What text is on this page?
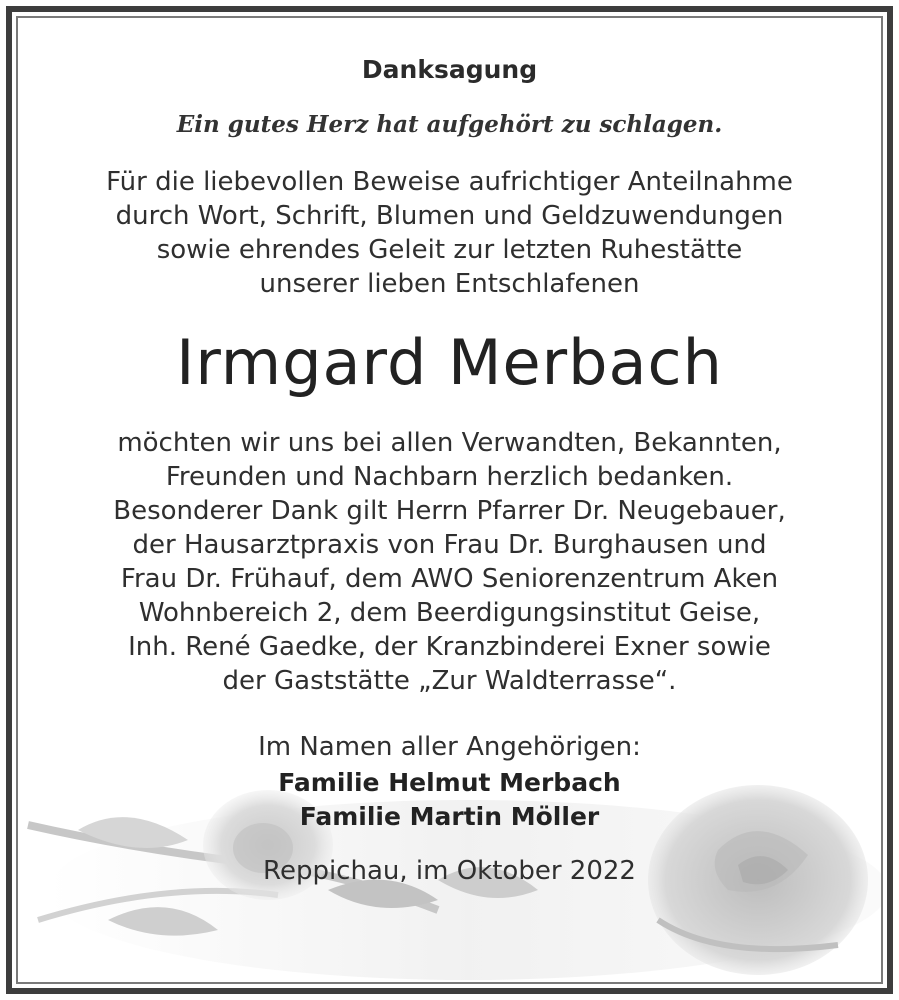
Danksagung
Ein gutes Herz hat aufgehört zu schlagen.
Für die liebevollen Beweise aufrichtiger Anteilnahme
durch Wort, Schrift, Blumen und Geldzuwendungen
sowie ehrendes Geleit zur letzten Ruhestätte
unserer lieben Entschlafenen
Irmgard Merbach
möchten wir uns bei allen Verwandten, Bekannten,
Freunden und Nachbarn herzlich bedanken.
Besonderer Dank gilt Herrn Pfarrer Dr. Neugebauer,
der Hausarztpraxis von Frau Dr. Burghausen und
Frau Dr. Frühauf, dem AWO Seniorenzentrum Aken
Wohnbereich 2, dem Beerdigungsinstitut Geise,
Inh. René Gaedke, der Kranzbinderei Exner sowie
der Gaststätte „Zur Waldterrasse“.
Im Namen aller Angehörigen:
Familie Helmut Merbach
Familie Martin Möller
Reppichau, im Oktober 2022
